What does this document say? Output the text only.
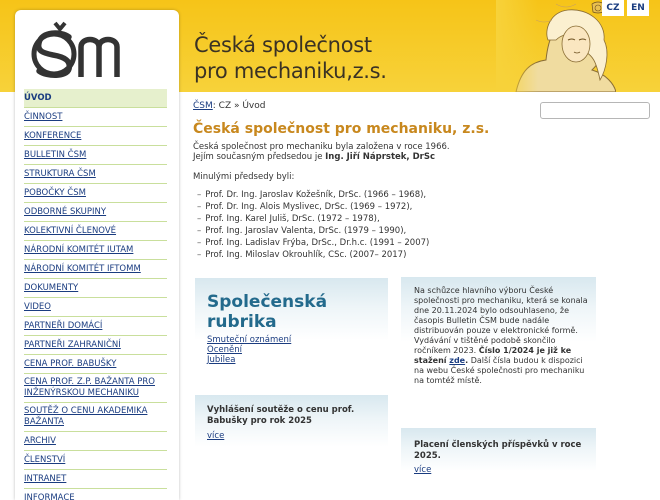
Česká společnost
pro mechaniku,z.s.
CZ	EN
ÚVOD
ČINNOST
KONFERENCE
BULLETIN ČSM
STRUKTURA ČSM
POBOČKY ČSM
ODBORNÉ SKUPINY
KOLEKTIVNÍ ČLENOVÉ
NÁRODNÍ KOMITÉT IUTAM
NÁRODNÍ KOMITÉT IFTOMM
DOKUMENTY
VIDEO
PARTNEŘI DOMÁCÍ
PARTNEŘI ZAHRANIČNÍ
CENA PROF. BABUŠKY
CENA PROF. Z.P. BAŽANTA PRO INŽENÝRSKOU MECHANIKU
SOUTĚŽ O CENU AKADEMIKA BAŽANTA
ARCHIV
ČLENSTVÍ
INTRANET
INFORMACE
ČSM: CZ » Úvod
Česká společnost pro mechaniku, z.s.
Česká společnost pro mechaniku byla založena v roce 1966.
Jejím současným předsedou je Ing. Jiří Náprstek, DrSc
Minulými předsedy byli:
– Prof. Dr. Ing. Jaroslav Kožešník, DrSc. (1966 – 1968),
– Prof. Dr. Ing. Alois Myslivec, DrSc. (1969 – 1972),
– Prof. Ing. Karel Juliš, DrSc. (1972 – 1978),
– Prof. Ing. Jaroslav Valenta, DrSc. (1979 – 1990),
– Prof. Ing. Ladislav Frýba, DrSc., Dr.h.c. (1991 – 2007)
– Prof. Ing. Miloslav Okrouhlík, CSc. (2007– 2017)
Společenská
rubrika
Smuteční oznámení
Ocenění
Jubilea
Na schůzce hlavního výboru České společnosti pro mechaniku, která se konala dne 20.11.2024 bylo odsouhlaseno, že časopis Bulletin ČSM bude nadále distribuován pouze v elektronické formě. Vydávání v tištěné podobě skončilo ročníkem 2023. Číslo 1/2024 je již ke stažení zde. Další čísla budou k dispozici na webu České společnosti pro mechaniku na tomtéž místě.
Vyhlášení soutěže o cenu prof. Babušky pro rok 2025
více
Placení členských příspěvků v roce 2025.
více
